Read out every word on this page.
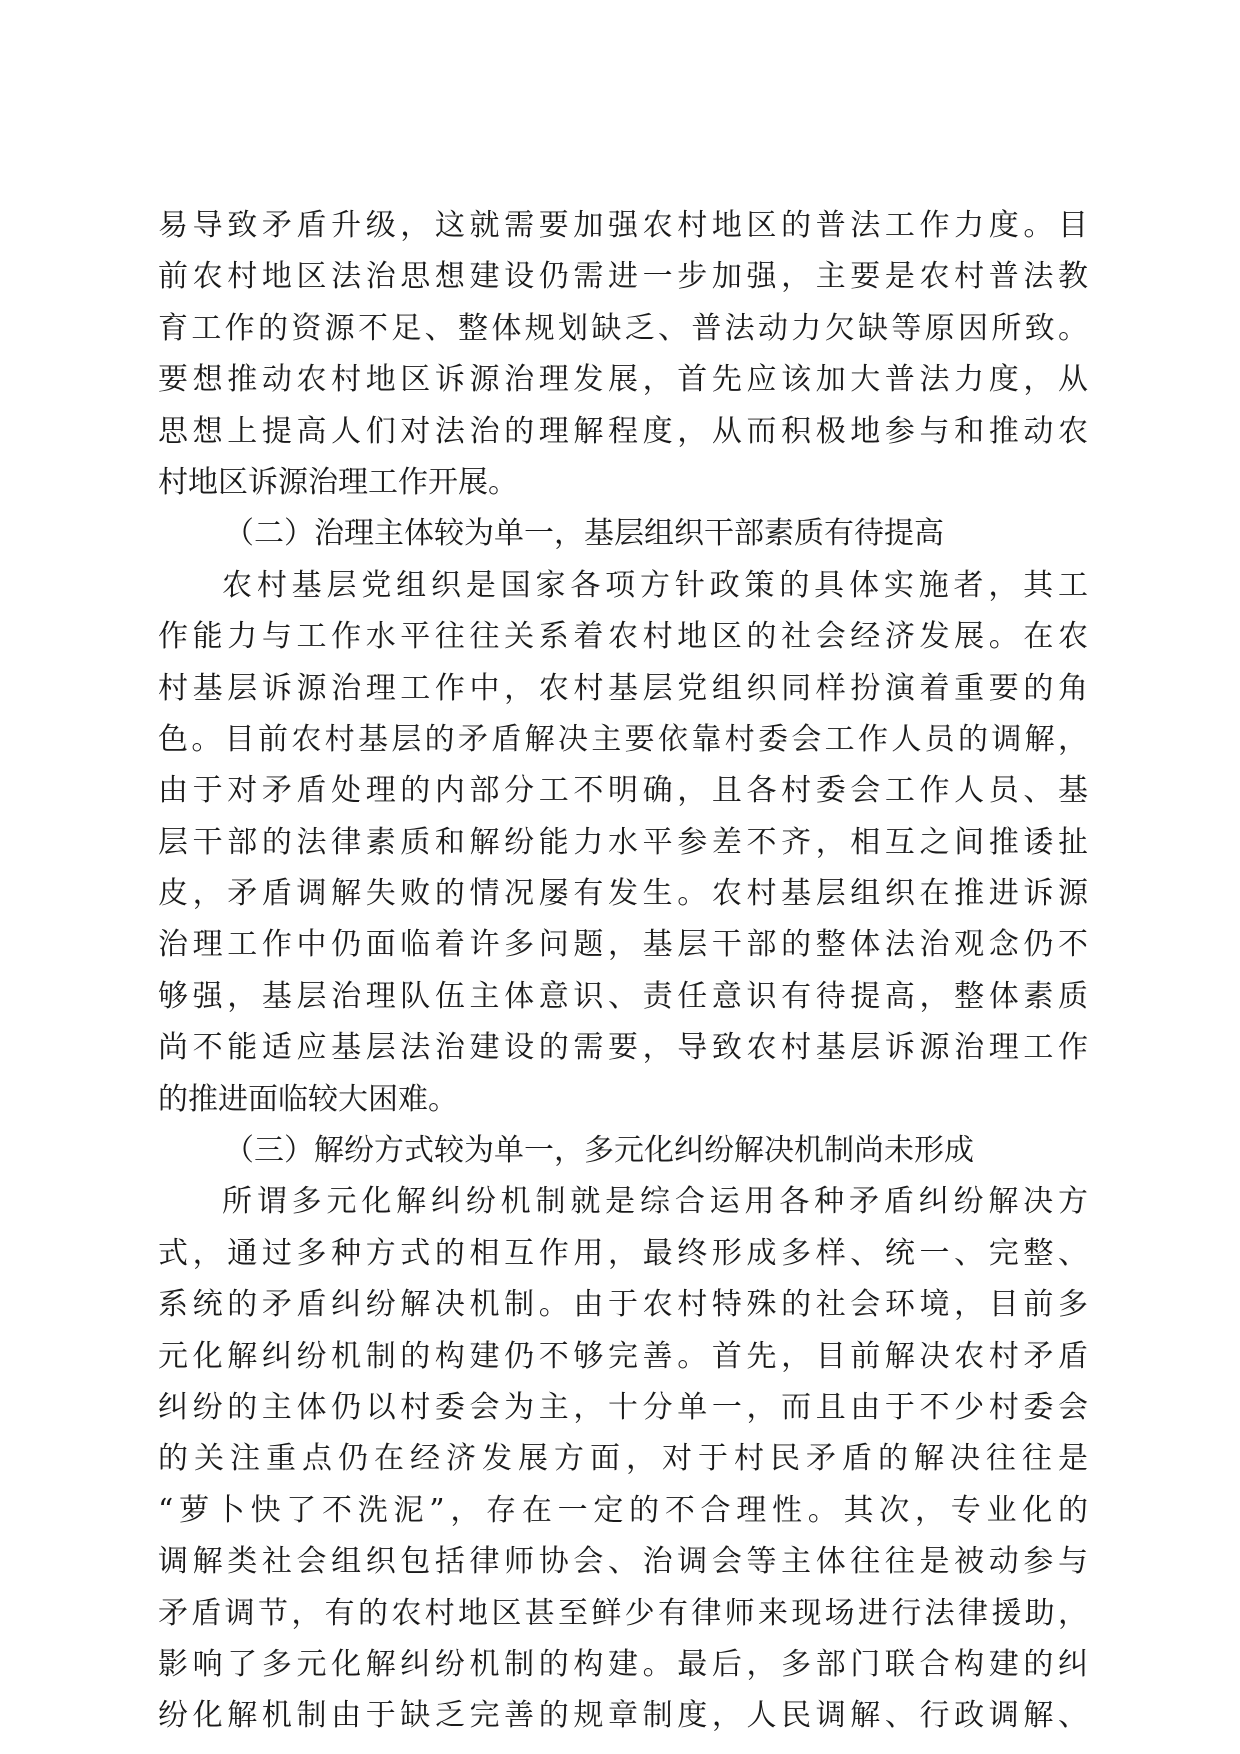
易导致矛盾升级，这就需要加强农村地区的普法工作力度。目
前农村地区法治思想建设仍需进一步加强，主要是农村普法教
育工作的资源不足、整体规划缺乏、普法动力欠缺等原因所致。
要想推动农村地区诉源治理发展，首先应该加大普法力度，从
思想上提高人们对法治的理解程度，从而积极地参与和推动农
村地区诉源治理工作开展。
（二）治理主体较为单一，基层组织干部素质有待提高
农村基层党组织是国家各项方针政策的具体实施者，其工
作能力与工作水平往往关系着农村地区的社会经济发展。在农
村基层诉源治理工作中，农村基层党组织同样扮演着重要的角
色。目前农村基层的矛盾解决主要依靠村委会工作人员的调解，
由于对矛盾处理的内部分工不明确，且各村委会工作人员、基
层干部的法律素质和解纷能力水平参差不齐，相互之间推诿扯
皮，矛盾调解失败的情况屡有发生。农村基层组织在推进诉源
治理工作中仍面临着许多问题，基层干部的整体法治观念仍不
够强，基层治理队伍主体意识、责任意识有待提高，整体素质
尚不能适应基层法治建设的需要，导致农村基层诉源治理工作
的推进面临较大困难。
（三）解纷方式较为单一，多元化纠纷解决机制尚未形成
所谓多元化解纠纷机制就是综合运用各种矛盾纠纷解决方
式，通过多种方式的相互作用，最终形成多样、统一、完整、
系统的矛盾纠纷解决机制。由于农村特殊的社会环境，目前多
元化解纠纷机制的构建仍不够完善。首先，目前解决农村矛盾
纠纷的主体仍以村委会为主，十分单一，而且由于不少村委会
的关注重点仍在经济发展方面，对于村民矛盾的解决往往是
“萝卜快了不洗泥”，存在一定的不合理性。其次，专业化的
调解类社会组织包括律师协会、治调会等主体往往是被动参与
矛盾调节，有的农村地区甚至鲜少有律师来现场进行法律援助，
影响了多元化解纠纷机制的构建。最后，多部门联合构建的纠
纷化解机制由于缺乏完善的规章制度，人民调解、行政调解、
